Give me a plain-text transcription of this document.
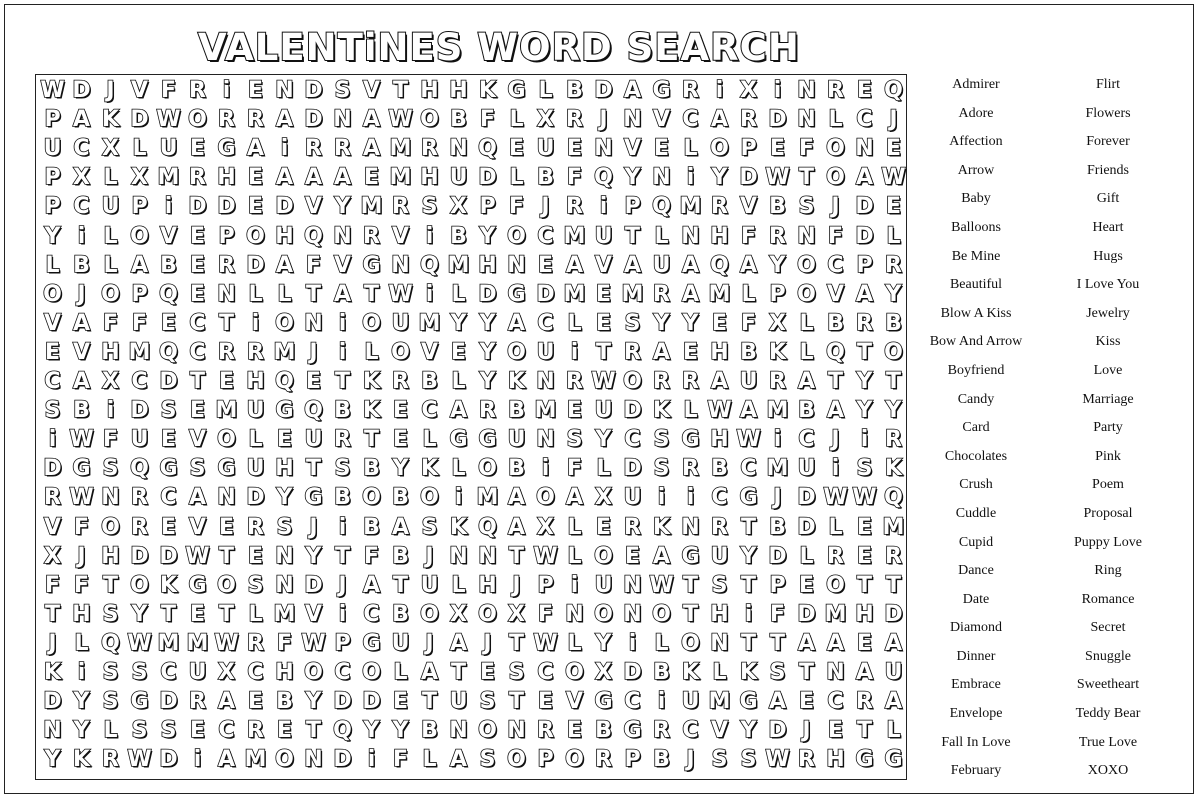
VALENTiNES WORD SEARCH
W D J V F R i E N D S V T H H K G L B D A G R i X i N R E Q
P A K D W O R R A D N A W O B F L X R J N V C A R D N L C J
U C X L U E G A i R R A M R N Q E U E N V E L O P E F O N E
P X L X M R H E A A A E M H U D L B F Q Y N i Y D W T O A W
P C U P i D D E D V Y M R S X P F J R i P Q M R V B S J D E
Y i L O V E P O H Q N R V i B Y O C M U T L N H F R N F D L
L B L A B E R D A F V G N Q M H N E A V A U A Q A Y O C P R
O J O P Q E N L L T A T W i L D G D M E M R A M L P O V A Y
V A F F E C T i O N i O U M Y Y A C L E S Y Y E F X L B R B
E V H M Q C R R M J i L O V E Y O U i T R A E H B K L Q T O
C A X C D T E H Q E T K R B L Y K N R W O R R A U R A T Y T
S B i D S E M U G Q B K E C A R B M E U D K L W A M B A Y Y
i W F U E V O L E U R T E L G G U N S Y C S G H W i C J i R
D G S Q G S G U H T S B Y K L O B i F L D S R B C M U i S K
R W N R C A N D Y G B O B O i M A O A X U i i C G J D W W Q
V F O R E V E R S J i B A S K Q A X L E R K N R T B D L E M
X J H D D W T E N Y T F B J N N T W L O E A G U Y D L R E R
F F T O K G O S N D J A T U L H J P i U N W T S T P E O T T
T H S Y T E T L M V i C B O X O X F N O N O T H i F D M H D
J L Q W M M W R F W P G U J A J T W L Y i L O N T T A A E A
K i S S C U X C H O C O L A T E S C O X D B K L K S T N A U
D Y S G D R A E B Y D D E T U S T E V G C i U M G A E C R A
N Y L S S E C R E T Q Y Y B N O N R E B G R C V Y D J E T L
Y K R W D i A M O N D i F L A S O P O R P B J S S W R H G G
Admirer
Adore
Affection
Arrow
Baby
Balloons
Be Mine
Beautiful
Blow A Kiss
Bow And Arrow
Boyfriend
Candy
Card
Chocolates
Crush
Cuddle
Cupid
Dance
Date
Diamond
Dinner
Embrace
Envelope
Fall In Love
February
Flirt
Flowers
Forever
Friends
Gift
Heart
Hugs
I Love You
Jewelry
Kiss
Love
Marriage
Party
Pink
Poem
Proposal
Puppy Love
Ring
Romance
Secret
Snuggle
Sweetheart
Teddy Bear
True Love
XOXO
